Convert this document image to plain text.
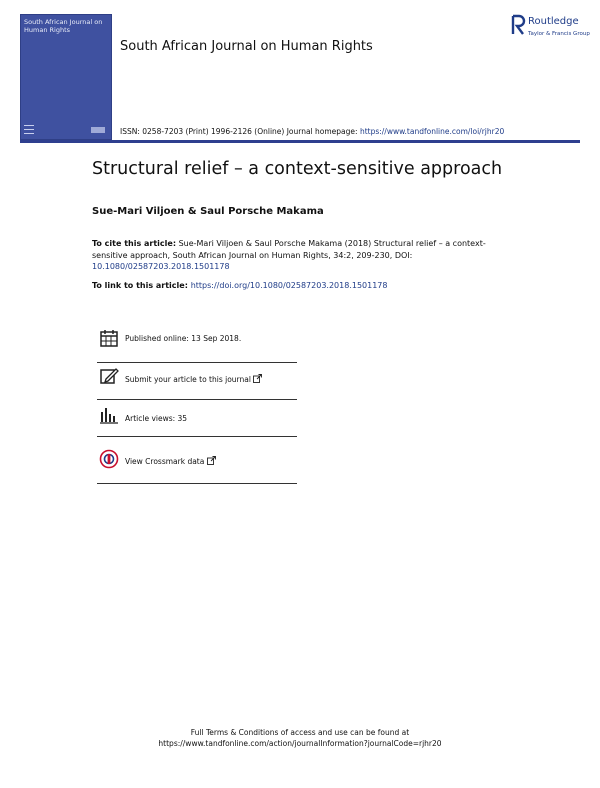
South African Journal on Human Rights
South African Journal on Human Rights
Routledge
Taylor & Francis Group
ISSN: 0258-7203 (Print) 1996-2126 (Online) Journal homepage: https://www.tandfonline.com/loi/rjhr20
Structural relief – a context-sensitive approach
Sue-Mari Viljoen & Saul Porsche Makama
To cite this article: Sue-Mari Viljoen & Saul Porsche Makama (2018) Structural relief – a context-sensitive approach, South African Journal on Human Rights, 34:2, 209-230, DOI: 10.1080/02587203.2018.1501178
To link to this article: https://doi.org/10.1080/02587203.2018.1501178
Published online: 13 Sep 2018.
Submit your article to this journal
Article views: 35
View Crossmark data
Full Terms & Conditions of access and use can be found at
https://www.tandfonline.com/action/journalInformation?journalCode=rjhr20
